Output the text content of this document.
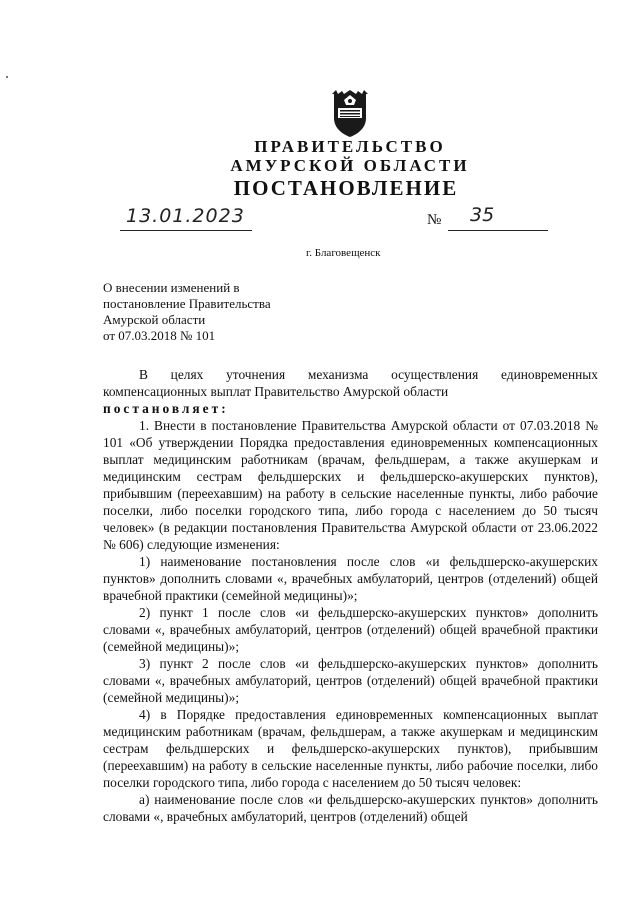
ПРАВИТЕЛЬСТВО
АМУРСКОЙ ОБЛАСТИ
ПОСТАНОВЛЕНИЕ
13.01.2023	№ 35
г. Благовещенск
О внесении изменений в
постановление Правительства
Амурской области
от 07.03.2018 № 101

В целях уточнения механизма осуществления единовременных компенсационных выплат Правительство Амурской области

постановляет:

1. Внести в постановление Правительства Амурской области от 07.03.2018 № 101 «Об утверждении Порядка предоставления единовременных компенсационных выплат медицинским работникам (врачам, фельдшерам, а также акушеркам и медицинским сестрам фельдшерских и фельдшерско-акушерских пунктов), прибывшим (переехавшим) на работу в сельские населенные пункты, либо рабочие поселки, либо поселки городского типа, либо города с населением до 50 тысяч человек» (в редакции постановления Правительства Амурской области от 23.06.2022 № 606) следующие изменения:

1) наименование постановления после слов «и фельдшерско-акушерских пунктов» дополнить словами «, врачебных амбулаторий, центров (отделений) общей врачебной практики (семейной медицины)»;

2) пункт 1 после слов «и фельдшерско-акушерских пунктов» дополнить словами «, врачебных амбулаторий, центров (отделений) общей врачебной практики (семейной медицины)»;

3) пункт 2 после слов «и фельдшерско-акушерских пунктов» дополнить словами «, врачебных амбулаторий, центров (отделений) общей врачебной практики (семейной медицины)»;

4) в Порядке предоставления единовременных компенсационных выплат медицинским работникам (врачам, фельдшерам, а также акушеркам и медицинским сестрам фельдшерских и фельдшерско-акушерских пунктов), прибывшим (переехавшим) на работу в сельские населенные пункты, либо рабочие поселки, либо поселки городского типа, либо города с населением до 50 тысяч человек:

а) наименование после слов «и фельдшерско-акушерских пунктов» дополнить словами «, врачебных амбулаторий, центров (отделений) общей
